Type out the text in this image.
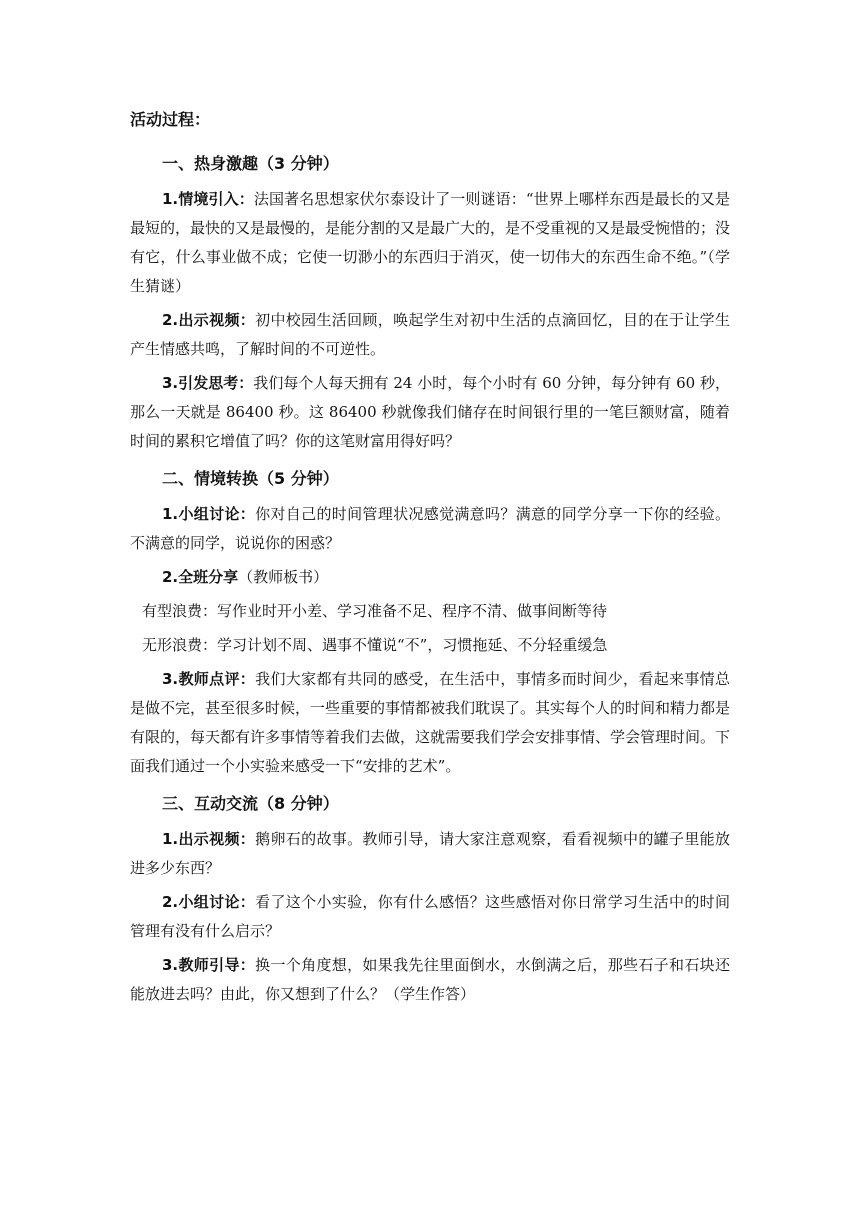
活动过程：
一、热身激趣（3 分钟）

1.情境引入：法国著名思想家伏尔泰设计了一则谜语：“世界上哪样东西是最长的又是最短的，最快的又是最慢的，是能分割的又是最广大的，是不受重视的又是最受惋惜的；没有它，什么事业做不成；它使一切渺小的东西归于消灭，使一切伟大的东西生命不绝。”（学生猜谜）

2.出示视频：初中校园生活回顾，唤起学生对初中生活的点滴回忆，目的在于让学生产生情感共鸣，了解时间的不可逆性。

3.引发思考：我们每个人每天拥有 24 小时，每个小时有 60 分钟，每分钟有 60 秒，那么一天就是 86400 秒。这 86400 秒就像我们储存在时间银行里的一笔巨额财富，随着时间的累积它增值了吗？你的这笔财富用得好吗？

二、情境转换（5 分钟）

1.小组讨论：你对自己的时间管理状况感觉满意吗？满意的同学分享一下你的经验。不满意的同学，说说你的困惑？

2.全班分享（教师板书）

有型浪费：写作业时开小差、学习准备不足、程序不清、做事间断等待

无形浪费：学习计划不周、遇事不懂说“不”，习惯拖延、不分轻重缓急

3.教师点评：我们大家都有共同的感受，在生活中，事情多而时间少，看起来事情总是做不完，甚至很多时候，一些重要的事情都被我们耽误了。其实每个人的时间和精力都是有限的，每天都有许多事情等着我们去做，这就需要我们学会安排事情、学会管理时间。下面我们通过一个小实验来感受一下“安排的艺术”。

三、互动交流（8 分钟）

1.出示视频：鹅卵石的故事。教师引导，请大家注意观察，看看视频中的罐子里能放进多少东西？

2.小组讨论：看了这个小实验，你有什么感悟？这些感悟对你日常学习生活中的时间管理有没有什么启示？

3.教师引导：换一个角度想，如果我先往里面倒水，水倒满之后，那些石子和石块还能放进去吗？由此，你又想到了什么？（学生作答）
